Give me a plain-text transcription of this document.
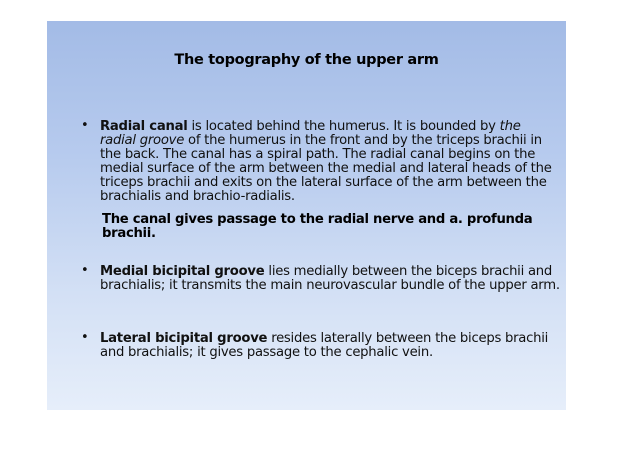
The topography of the upper arm
• Radial canal is located behind the humerus. It is bounded by the radial groove of the humerus in the front and by the triceps brachii in the back. The canal has a spiral path. The radial canal begins on the medial surface of the arm between the medial and lateral heads of the triceps brachii and exits on the lateral surface of the arm between the brachialis and brachio-radialis.
The canal gives passage to the radial nerve and a. profunda brachii.
• Medial bicipital groove lies medially between the biceps brachii and brachialis; it transmits the main neurovascular bundle of the upper arm.
• Lateral bicipital groove resides laterally between the biceps brachii and brachialis; it gives passage to the cephalic vein.
